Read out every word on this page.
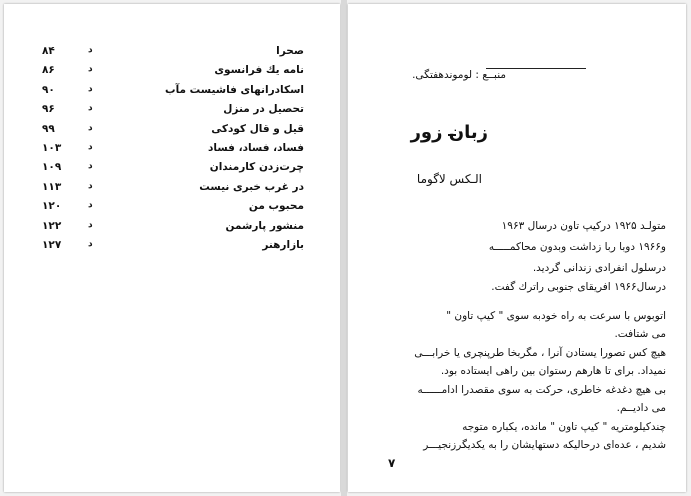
صحرا
د
۸۴
نامه يك فرانسوى
د
۸۶
اسكادرانهاى فاشيست مآب
د
۹۰
تحصيل در منزل
د
۹۶
قيل و قال كودكى
د
۹۹
فساد، فساد، فساد
د
۱۰۳
چرت‌زدن كارمندان
د
۱۰۹
در غرب خبرى نيست
د
۱۱۳
محبوب من
د
۱۲۰
منشور پارشمن
د
۱۲۲
بازارهنر
د
۱۲۷
منبــع : لوموندهفتگى.
زبان زور
الـكس لاگوما
متولـد ۱۹۲۵ دركيپ تاون درسال ۱۹۶۳
و۱۹۶۶ دوبا ربا زداشت وبدون محاكمـــــه
درسلول انفرادى زندانى گرديد.
درسال۱۹۶۶ افريقاى جنوبى راترك گفت.
اتوبوس با سرعت به راه خودبه سوى " كيپ تاون "
مى شتافت.
هيچ كس تصورا يستادن آنرا ، مگربخا طرپنچرى يا خرابـــى
نميداد. براى تا هارهم رستوان بين راهى ايستاده بود.
بى هيچ دغدغه خاطرى، حركت به سوى مقصدرا ادامــــــه
مى داديــم.
چندكيلومتريه " كيپ تاون " مانده، يكباره متوجه
شديم ، عده‌اى درحاليكه دستهايشان را به يكديگرزنجيـــر
۷
